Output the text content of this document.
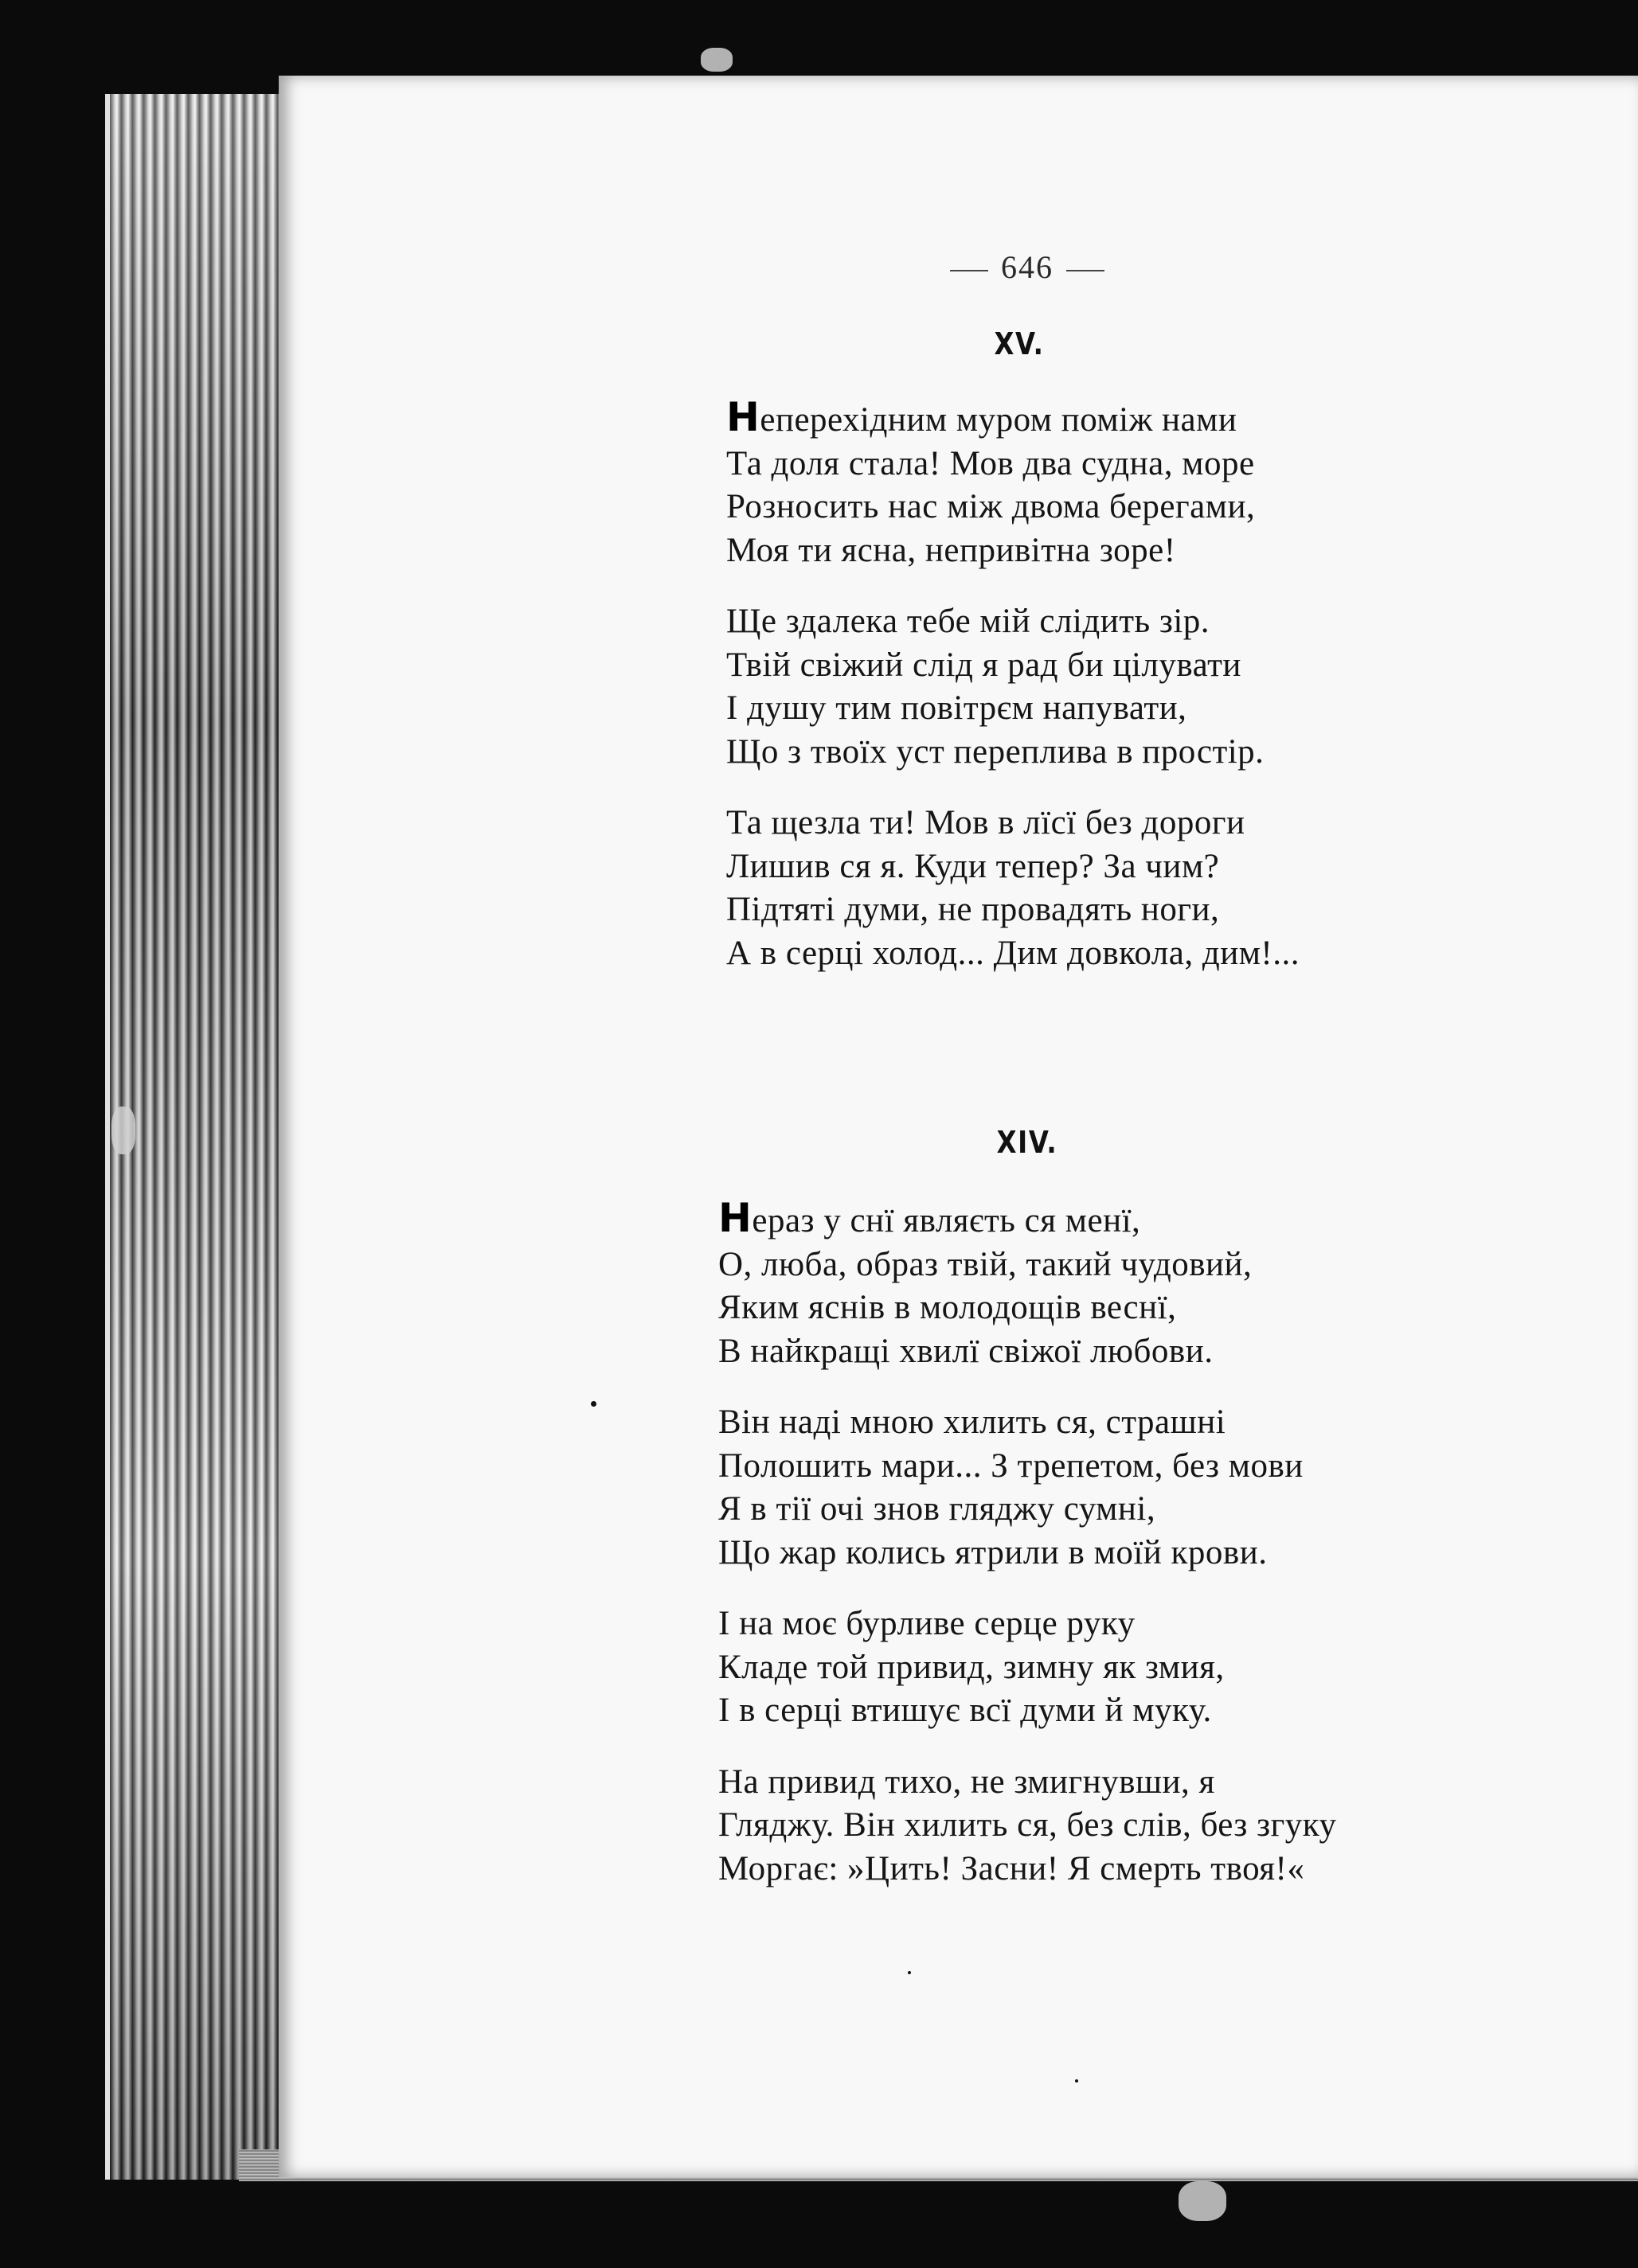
646
XV.
Неперехідним муром поміж нами
Та доля стала! Мов два судна, море
Розносить нас між двома берегами,
Моя ти ясна, непривітна зоре!
Ще здалека тебе мій слідить зір.
Твій свіжий слід я рад би цілувати
І душу тим повітрєм напувати,
Що з твоїх уст переплива в простір.
Та щезла ти! Мов в лїсї без дороги
Лишив ся я. Куди тепер? За чим?
Підтяті думи, не провадять ноги,
А в серці холод... Дим довкола, дим!...
XIV.
Нераз у снї являєть ся менї,
О, люба, образ твій, такий чудовий,
Яким яснів в молодощів веснї,
В найкращі хвилї свіжої любови.
Він наді мною хилить ся, страшні
Полошить мари... З трепетом, без мови
Я в тії очі знов гляджу сумні,
Що жар колись ятрили в моїй крови.
І на моє бурливе серце руку
Кладе той привид, зимну як змия,
І в серці втишує всї думи й муку.
На привид тихо, не змигнувши, я
Гляджу. Він хилить ся, без слів, без згуку
Моргає: »Цить! Засни! Я смерть твоя!«
